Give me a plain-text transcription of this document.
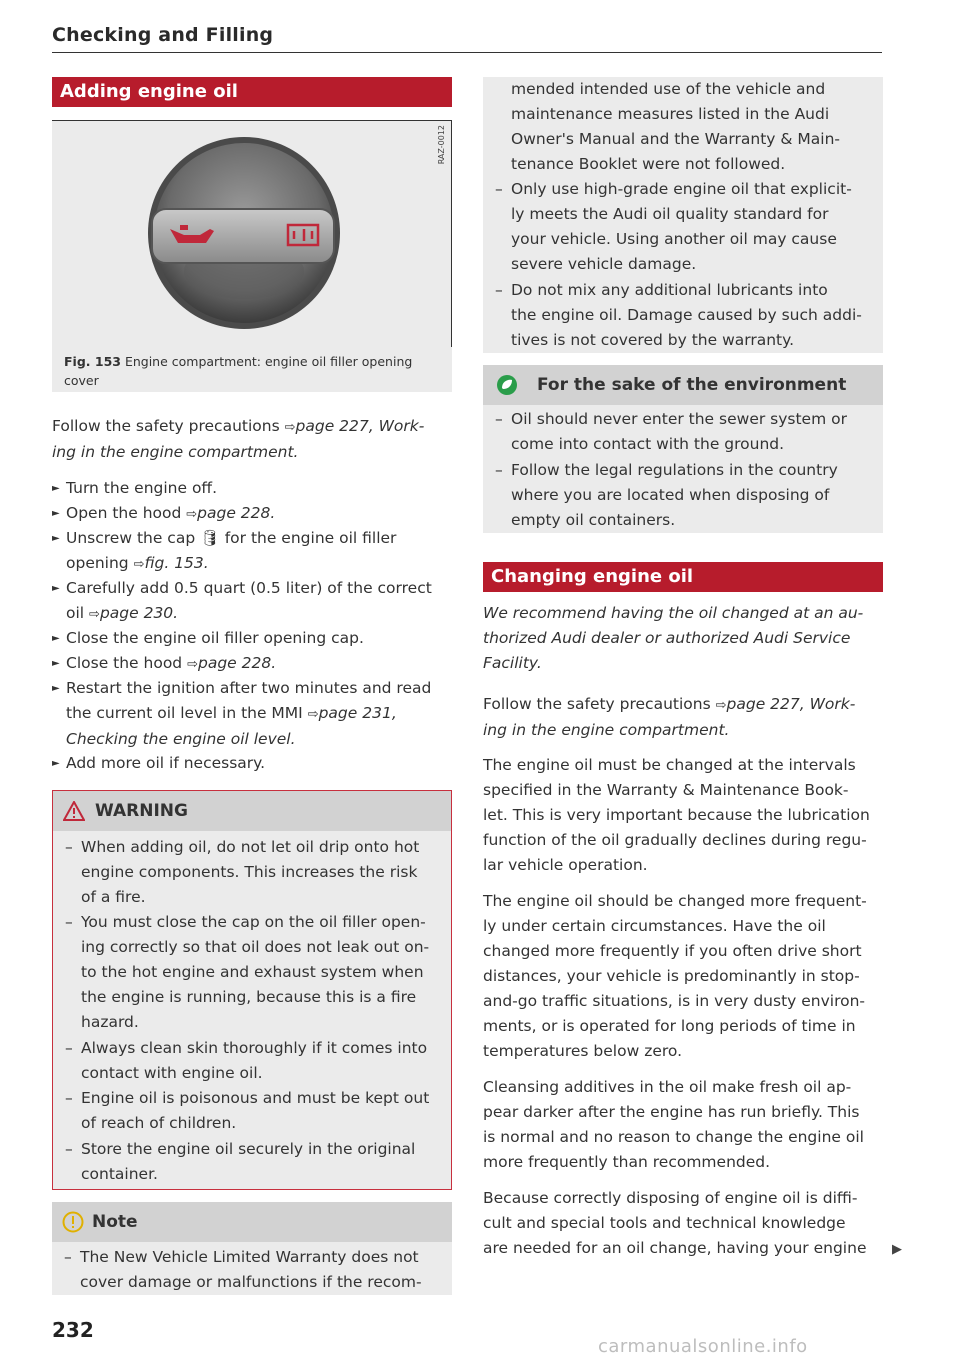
Checking and Filling
Adding engine oil
RAZ-0012
Fig. 153 Engine compartment: engine oil filler opening
cover
Follow the safety precautions ⇨page 227, Work-
ing in the engine compartment.
► Turn the engine off.
► Open the hood ⇨page 228.
► Unscrew the cap 🛢 for the engine oil filler
opening ⇨fig. 153.
► Carefully add 0.5 quart (0.5 liter) of the correct
oil ⇨page 230.
► Close the engine oil filler opening cap.
► Close the hood ⇨page 228.
► Restart the ignition after two minutes and read
the current oil level in the MMI ⇨page 231,
Checking the engine oil level.
► Add more oil if necessary.
WARNING
– When adding oil, do not let oil drip onto hot
engine components. This increases the risk
of a fire.
– You must close the cap on the oil filler open-
ing correctly so that oil does not leak out on-
to the hot engine and exhaust system when
the engine is running, because this is a fire
hazard.
– Always clean skin thoroughly if it comes into
contact with engine oil.
– Engine oil is poisonous and must be kept out
of reach of children.
– Store the engine oil securely in the original
container.
Note
– The New Vehicle Limited Warranty does not
cover damage or malfunctions if the recom-
mended intended use of the vehicle and
maintenance measures listed in the Audi
Owner's Manual and the Warranty & Main-
tenance Booklet were not followed.
– Only use high-grade engine oil that explicit-
ly meets the Audi oil quality standard for
your vehicle. Using another oil may cause
severe vehicle damage.
– Do not mix any additional lubricants into
the engine oil. Damage caused by such addi-
tives is not covered by the warranty.
For the sake of the environment
– Oil should never enter the sewer system or
come into contact with the ground.
– Follow the legal regulations in the country
where you are located when disposing of
empty oil containers.
Changing engine oil
We recommend having the oil changed at an au-
thorized Audi dealer or authorized Audi Service
Facility.
Follow the safety precautions ⇨page 227, Work-
ing in the engine compartment.
The engine oil must be changed at the intervals
specified in the Warranty & Maintenance Book-
let. This is very important because the lubrication
function of the oil gradually declines during regu-
lar vehicle operation.
The engine oil should be changed more frequent-
ly under certain circumstances. Have the oil
changed more frequently if you often drive short
distances, your vehicle is predominantly in stop-
and-go traffic situations, is in very dusty environ-
ments, or is operated for long periods of time in
temperatures below zero.
Cleansing additives in the oil make fresh oil ap-
pear darker after the engine has run briefly. This
is normal and no reason to change the engine oil
more frequently than recommended.
Because correctly disposing of engine oil is diffi-
cult and special tools and technical knowledge
are needed for an oil change, having your engine	▶
232
carmanualsonline.info
